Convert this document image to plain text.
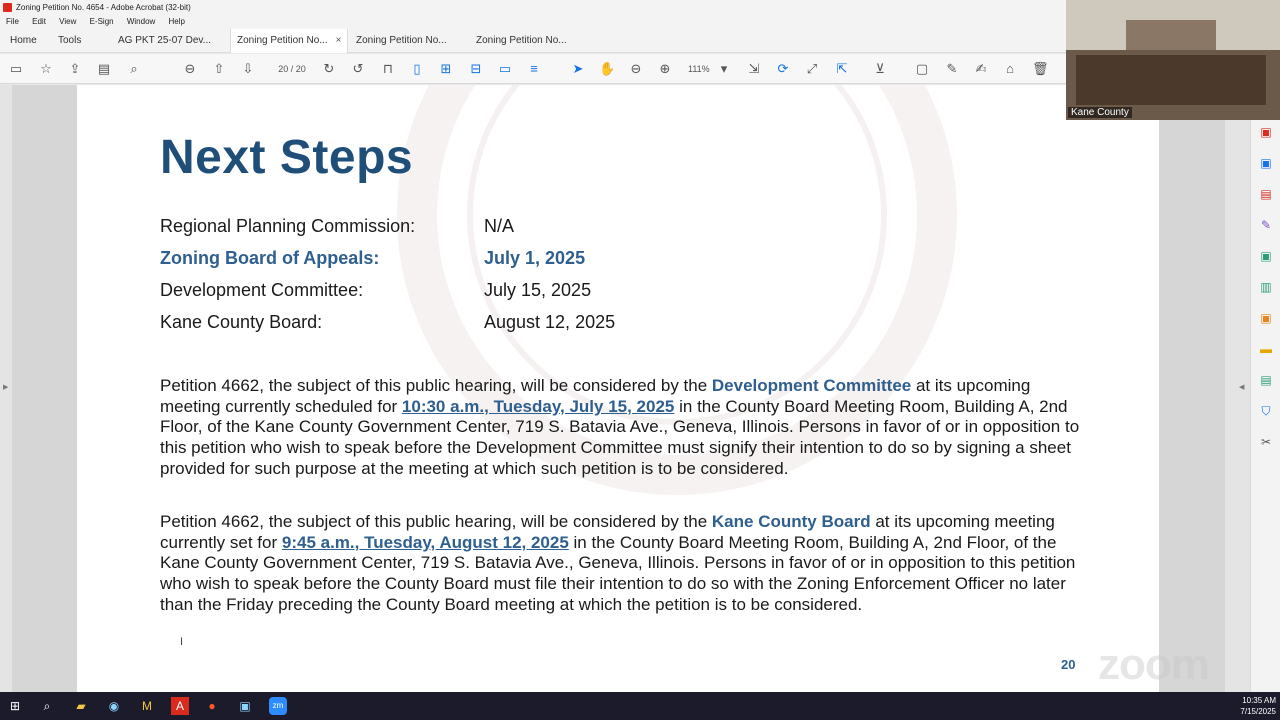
Zoning Petition No. 4654 - Adobe Acrobat (32-bit)
File Edit View E-Sign Window Help
Home	Tools	AG PKT 25-07 Dev...	Zoning Petition No... ×	Zoning Petition No...	Zoning Petition No...
▭ ☆ ⇪ ▤	⌕	⊖ ⇧ ⇩	↻ ↺ ⊓	▯	⊞ ⊟ ▭	≡	➤ ✋ ⊖ ⊕	▾	⇲ ⟳ ⤢ ⇱ ⊻ ▢ ✎ ✍	⌂	🗑
20 / 20	111%
▶	◀
Next Steps
Regional Planning Commission:	N/A
Zoning Board of Appeals:	July 1, 2025
Development Committee:	July 15, 2025
Kane County Board:	August 12, 2025
Petition 4662, the subject of this public hearing, will be considered by the Development Committee at its upcoming meeting currently scheduled for 10:30 a.m., Tuesday, July 15, 2025 in the County Board Meeting Room, Building A, 2nd Floor, of the Kane County Government Center, 719 S. Batavia Ave., Geneva, Illinois. Persons in favor of or in opposition to this petition who wish to speak before the Development Committee must signify their intention to do so by signing a sheet provided for such purpose at the meeting at which such petition is to be considered.
Petition 4662, the subject of this public hearing, will be considered by the Kane County Board at its upcoming meeting currently set for 9:45 a.m., Tuesday, August 12, 2025 in the County Board Meeting Room, Building A, 2nd Floor, of the Kane County Government Center, 719 S. Batavia Ave., Geneva, Illinois. Persons in favor of or in opposition to this petition who wish to speak before the County Board must file their intention to do so with the Zoning Enforcement Officer no later than the Friday preceding the County Board meeting at which the petition is to be considered.
I
20 zoom
▣
▣
▤
✎
▣
▥
▣
▬
▤
⛉
✂
Kane County
⊞	⌕	▰	◉	M	A	●	▣	zm
10:35 AM
7/15/2025
